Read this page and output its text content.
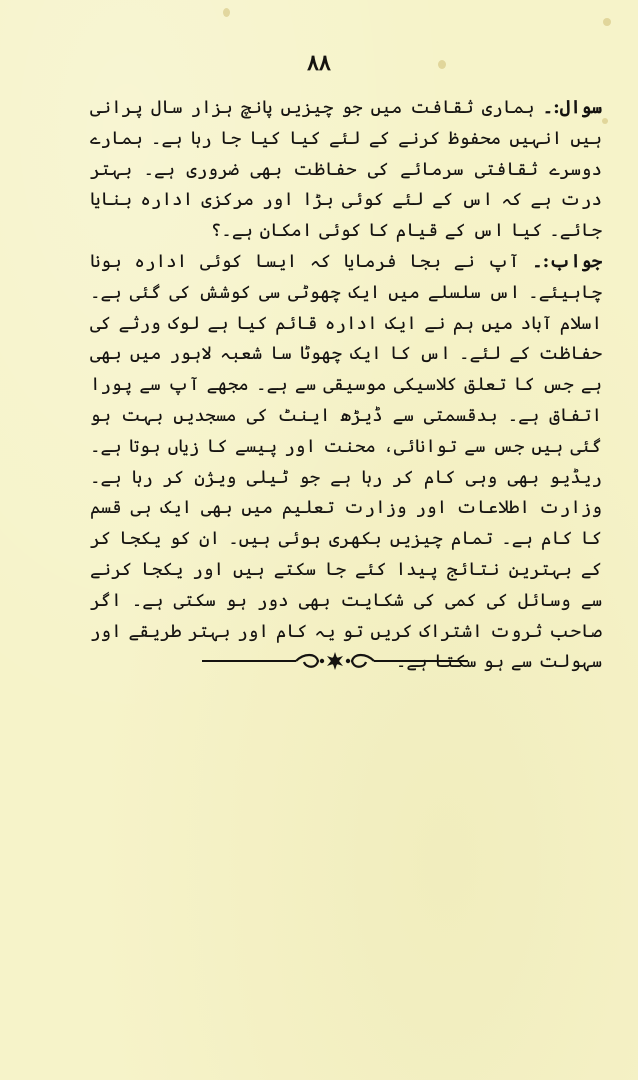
۸۸

سوال:۔ ہماری ثقافت میں جو چیزیں پانچ ہزار سال پرانی ہیں انہیں محفوظ کرنے کے لئے کیا کیا جا رہا ہے۔ ہمارے دوسرے ثقافتی سرمائے کی حفاظت بھی ضروری ہے۔ بہتر درت ہے کہ اس کے لئے کوئی بڑا اور مرکزی ادارہ بنایا جائے۔ کیا اس کے قیام کا کوئی امکان ہے۔؟

جواب:۔ آپ نے بجا فرمایا کہ ایسا کوئی ادارہ ہونا چاہیئے۔ اس سلسلے میں ایک چھوٹی سی کوشش کی گئی ہے۔ اسلام آباد میں ہم نے ایک ادارہ قائم کیا ہے لوک ورثے کی حفاظت کے لئے۔ اس کا ایک چھوٹا سا شعبہ لاہور میں بھی ہے جس کا تعلق کلاسیکی موسیقی سے ہے۔ مجھے آپ سے پورا اتفاق ہے۔ بدقسمتی سے ڈیڑھ اینٹ کی مسجدیں بہت ہو گئی ہیں جس سے توانائی، محنت اور پیسے کا زیاں ہوتا ہے۔ ریڈیو بھی وہی کام کر رہا ہے جو ٹیلی ویژن کر رہا ہے۔ وزارت اطلاعات اور وزارت تعلیم میں بھی ایک ہی قسم کا کام ہے۔ تمام چیزیں بکھری ہوئی ہیں۔ ان کو یکجا کر کے بہترین نتائج پیدا کئے جا سکتے ہیں اور یکجا کرنے سے وسائل کی کمی کی شکایت بھی دور ہو سکتی ہے۔ اگر صاحب ثروت اشتراک کریں تو یہ کام اور بہتر طریقے اور سہولت سے ہو سکتا ہے۔
